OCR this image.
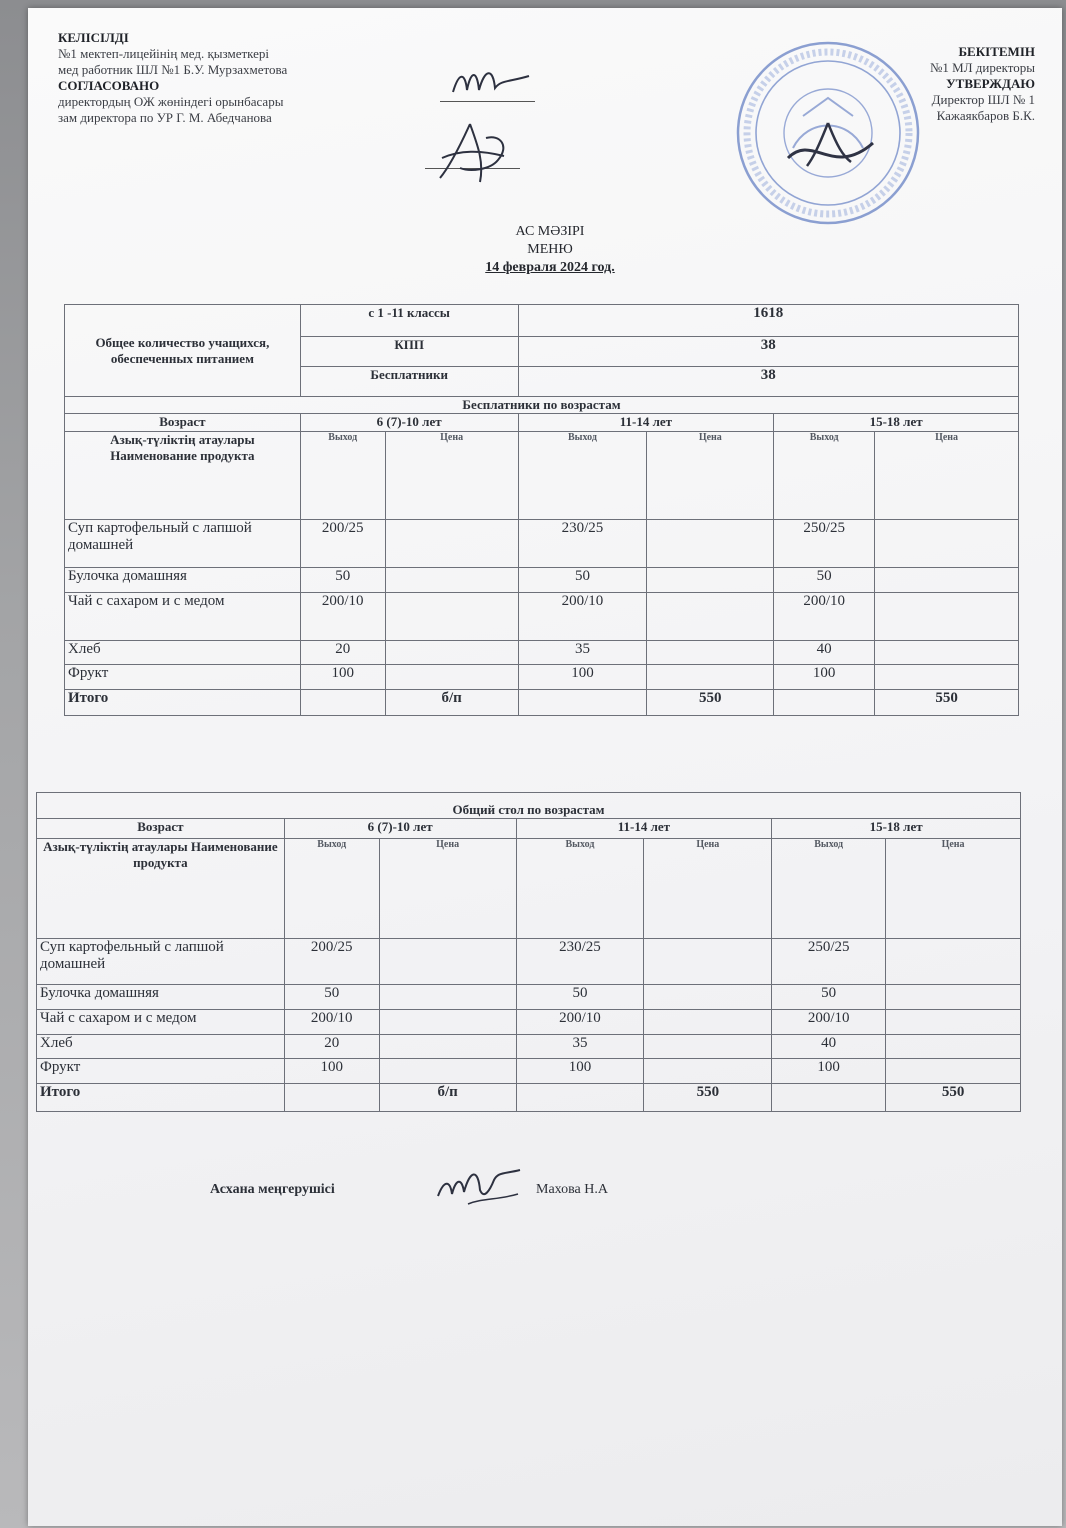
КЕЛІСІЛДІ
№1 мектеп-лицейінің мед. қызметкері
мед работник ШЛ №1 Б.У. Мурзахметова
СОГЛАСОВАНО
директордың ОЖ жөніндегі орынбасары
зам директора по УР Г. М. Абедчанова
БЕКІТЕМІН
№1 МЛ директоры
УТВЕРЖДАЮ
Директор ШЛ № 1
Кажаякбаров Б.К.
АС МӘЗІРІ
МЕНЮ
14 февраля 2024 год.
Общее количество учащихся, обеспеченных питанием	с 1 -11 классы		1618			
	КПП		38			
	Бесплатники		38			
Бесплатники по возрастам						
Возраст	6 (7)-10 лет		11-14 лет		15-18 лет	
Азық-түліктің атаулары Наименование продукта	Выход	Цена	Выход	Цена	Выход	Цена
Суп картофельный с лапшой домашней	200/25		230/25		250/25	
Булочка домашняя	50		50		50	
Чай с сахаром и с медом	200/10		200/10		200/10	
Хлеб	20		35		40	
Фрукт	100		100		100	
Итого		б/п		550		550
Общий стол по возрастам						
Возраст	6 (7)-10 лет		11-14 лет		15-18 лет	
Азық-түліктің атаулары Наименование продукта	Выход	Цена	Выход	Цена	Выход	Цена
Суп картофельный с лапшой домашней	200/25		230/25		250/25	
Булочка домашняя	50		50		50	
Чай с сахаром и с медом	200/10		200/10		200/10	
Хлеб	20		35		40	
Фрукт	100		100		100	
Итого		б/п		550		550
Асхана меңгерушісі	Махова Н.А
